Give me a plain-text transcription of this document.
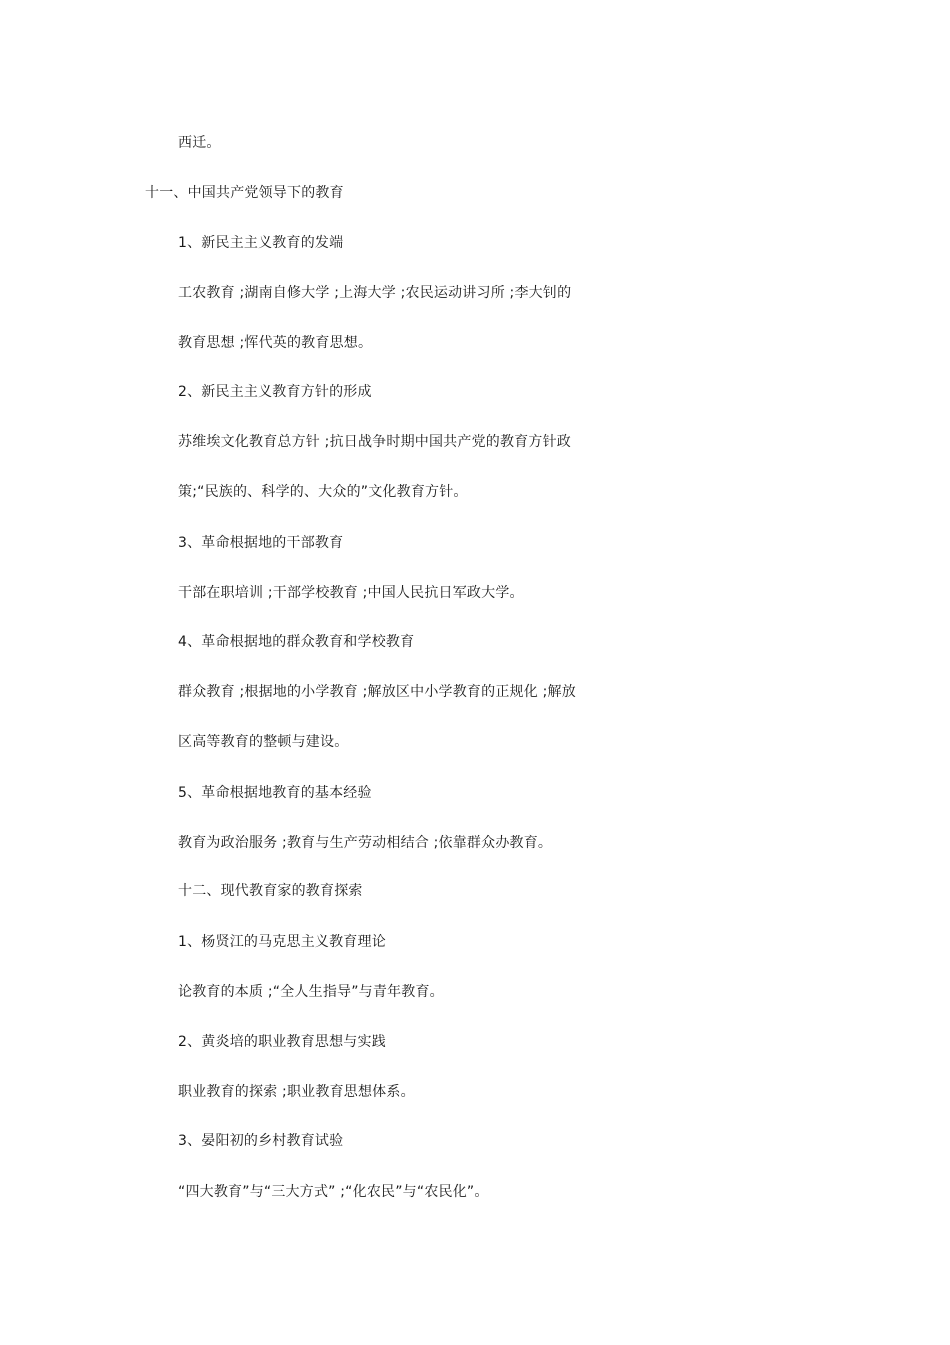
西迁。
十一、中国共产党领导下的教育
1、新民主主义教育的发端
工农教育 ;湖南自修大学 ;上海大学 ;农民运动讲习所 ;李大钊的
教育思想 ;恽代英的教育思想。
2、新民主主义教育方针的形成
苏维埃文化教育总方针 ;抗日战争时期中国共产党的教育方针政
策;“民族的、科学的、大众的”文化教育方针。
3、革命根据地的干部教育
干部在职培训 ;干部学校教育 ;中国人民抗日军政大学。
4、革命根据地的群众教育和学校教育
群众教育 ;根据地的小学教育 ;解放区中小学教育的正规化 ;解放
区高等教育的整顿与建设。
5、革命根据地教育的基本经验
教育为政治服务 ;教育与生产劳动相结合 ;依靠群众办教育。
十二、现代教育家的教育探索
1、杨贤江的马克思主义教育理论
论教育的本质 ;“全人生指导”与青年教育。
2、黄炎培的职业教育思想与实践
职业教育的探索 ;职业教育思想体系。
3、晏阳初的乡村教育试验
“四大教育”与“三大方式” ;“化农民”与“农民化”。
